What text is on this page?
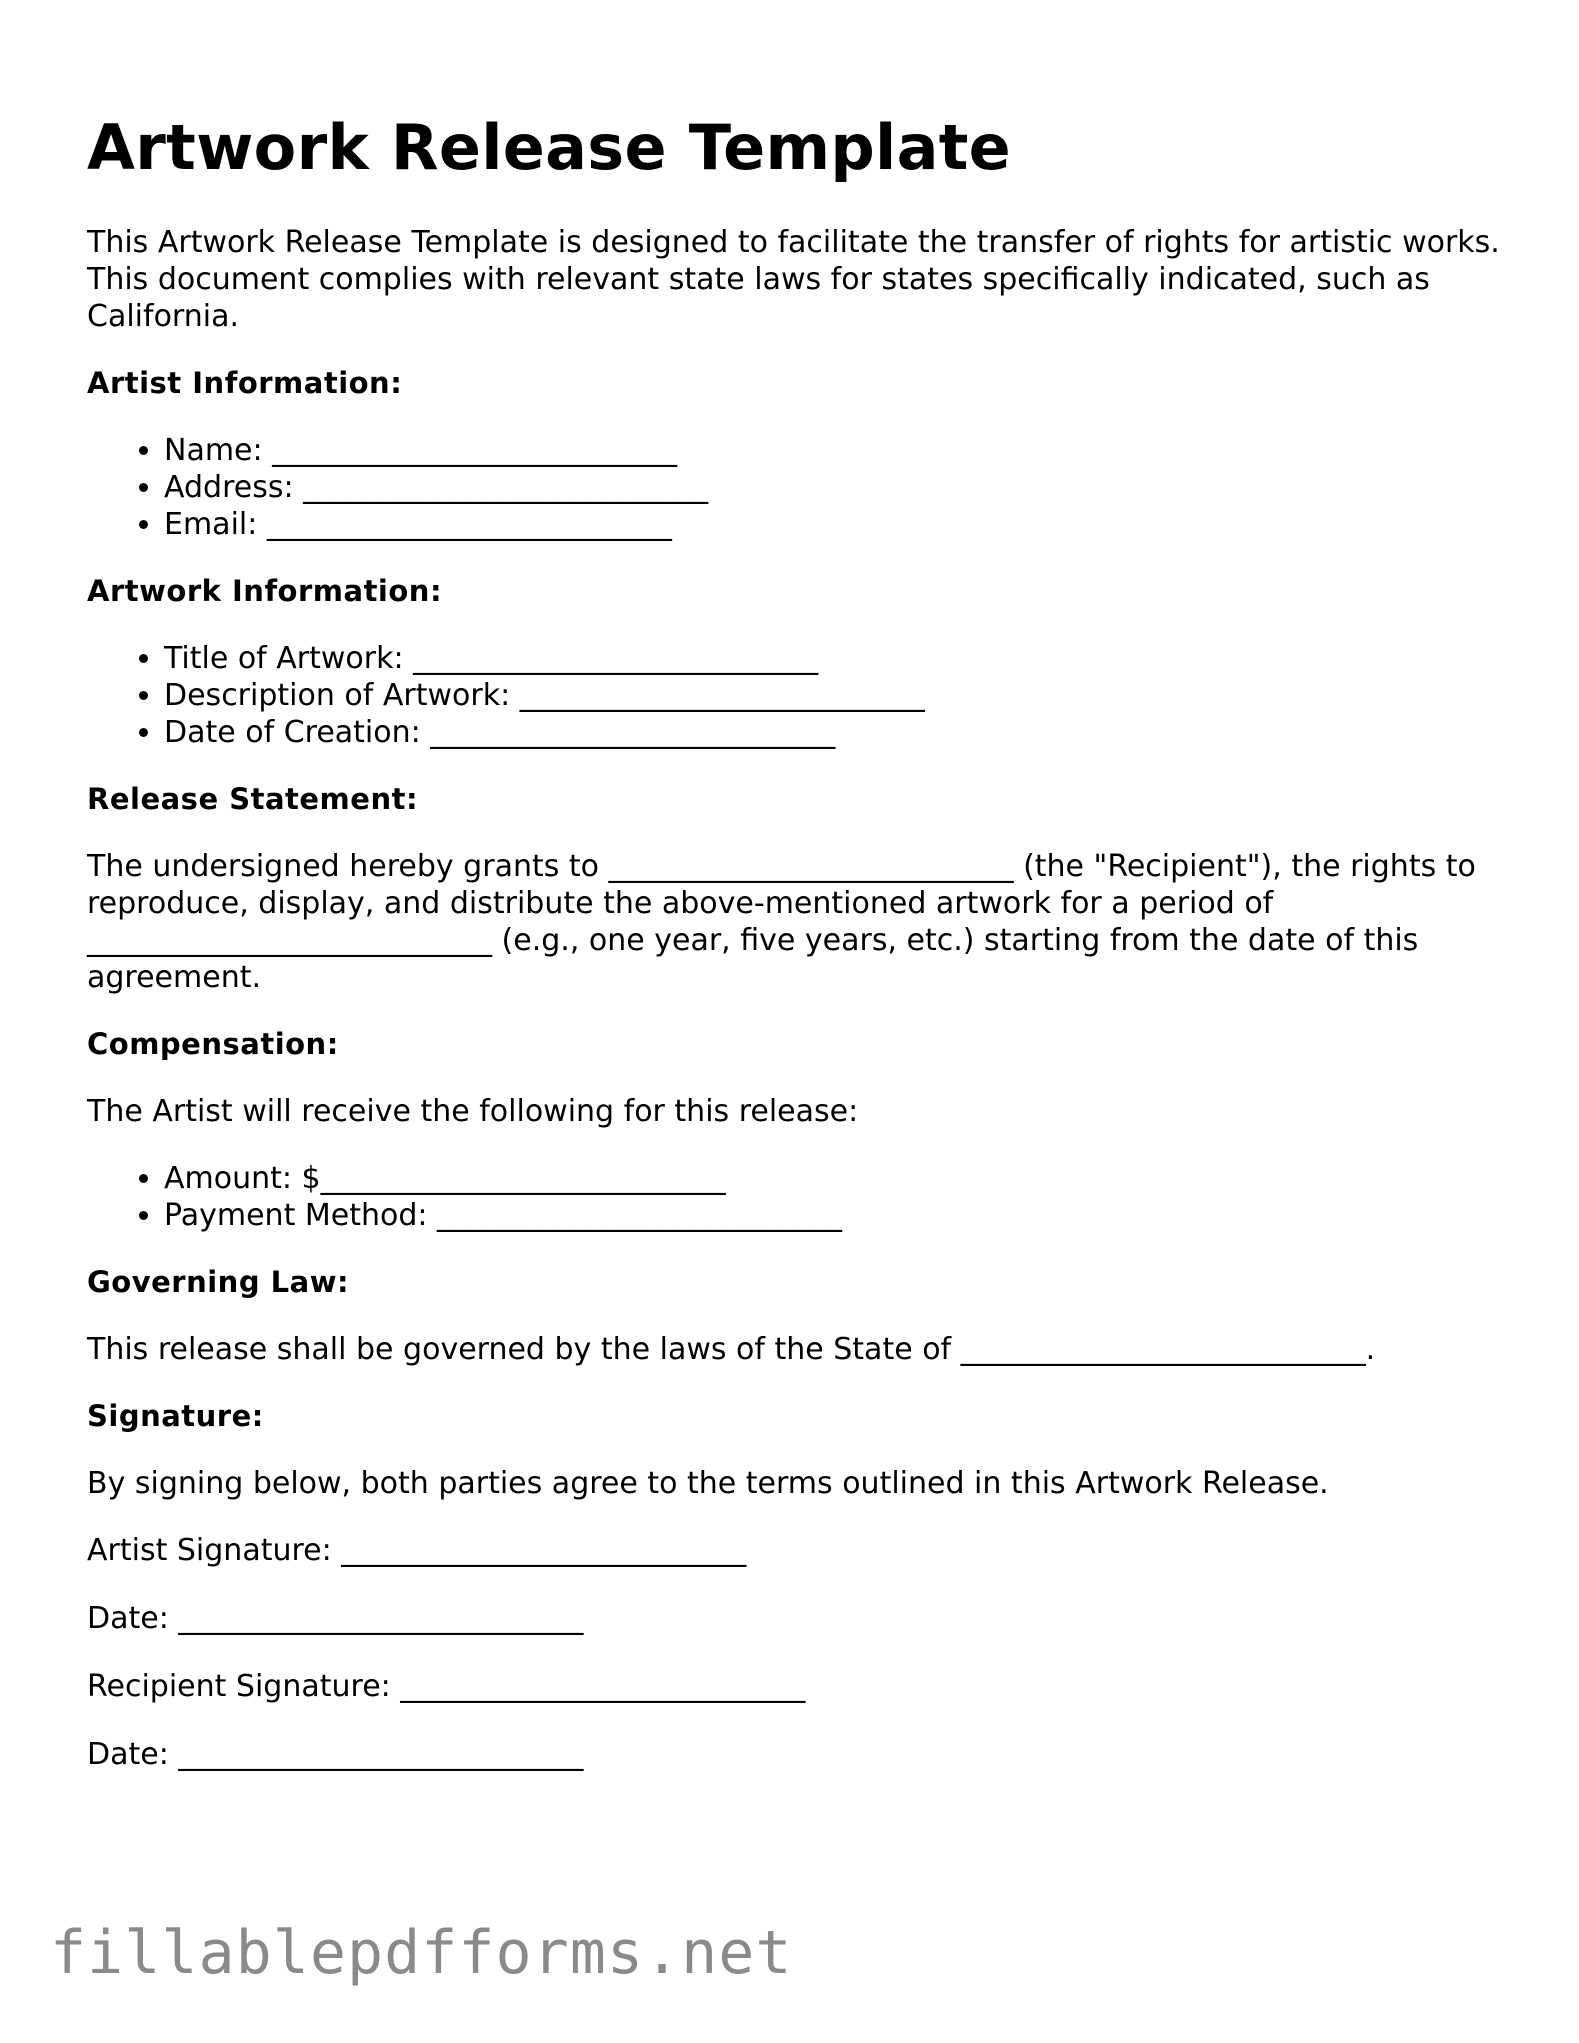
Artwork Release Template

This Artwork Release Template is designed to facilitate the transfer of rights for artistic works. This document complies with relevant state laws for states specifically indicated, such as California.

Artist Information:
• Name: ___________________________
• Address: ___________________________
• Email: ___________________________
Artwork Information:
• Title of Artwork: ___________________________
• Description of Artwork: ___________________________
• Date of Creation: ___________________________
Release Statement:

The undersigned hereby grants to ___________________________ (the "Recipient"), the rights to reproduce, display, and distribute the above-mentioned artwork for a period of ___________________________ (e.g., one year, five years, etc.) starting from the date of this agreement.

Compensation:

The Artist will receive the following for this release:

• Amount: $___________________________
• Payment Method: ___________________________
Governing Law:

This release shall be governed by the laws of the State of ___________________________.

Signature:

By signing below, both parties agree to the terms outlined in this Artwork Release.

Artist Signature: ___________________________
Date: ___________________________
Recipient Signature: ___________________________
Date: ___________________________
fillablepdfforms.net
